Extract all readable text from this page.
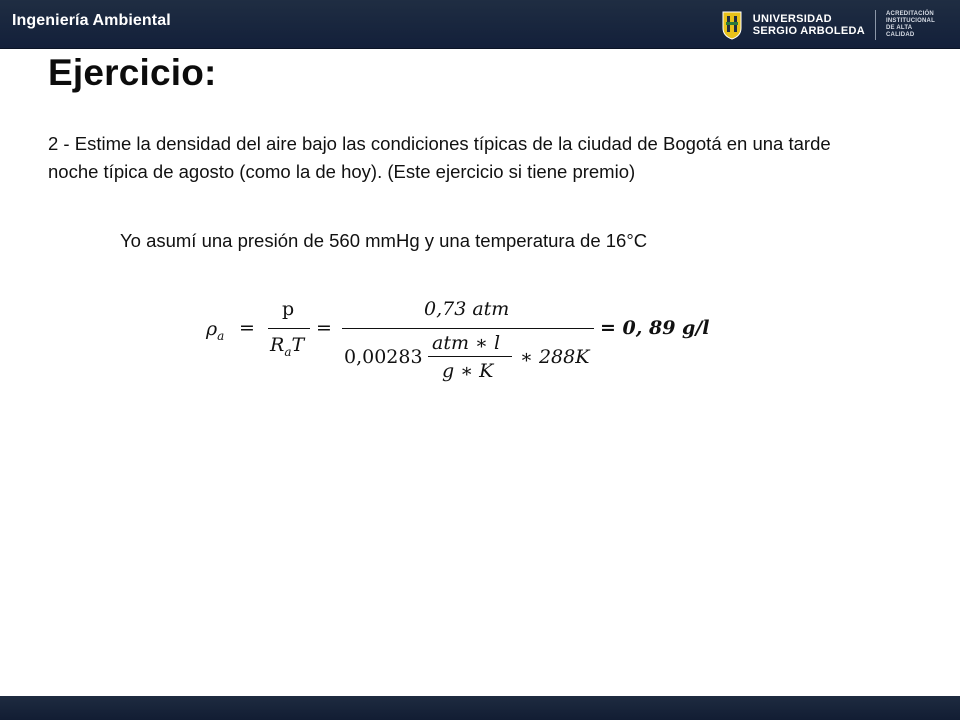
Ingeniería Ambiental	UNIVERSIDAD
SERGIO ARBOLEDA
ACREDITACIÓN
INSTITUCIONAL
DE ALTA CALIDAD
Ejercicio:
2 - Estime la densidad del aire bajo las condiciones típicas de la ciudad de Bogotá en una tarde noche típica de agosto (como la de hoy). (Este ejercicio si tiene premio)
Yo asumí una presión de 560 mmHg y una temperatura de 16°C
$\rho_a$ =
p
$R_aT$
=
0,73 atm
0,00283
atm ∗ l
g ∗ K
∗ 288K
= 0, 89 g/l
